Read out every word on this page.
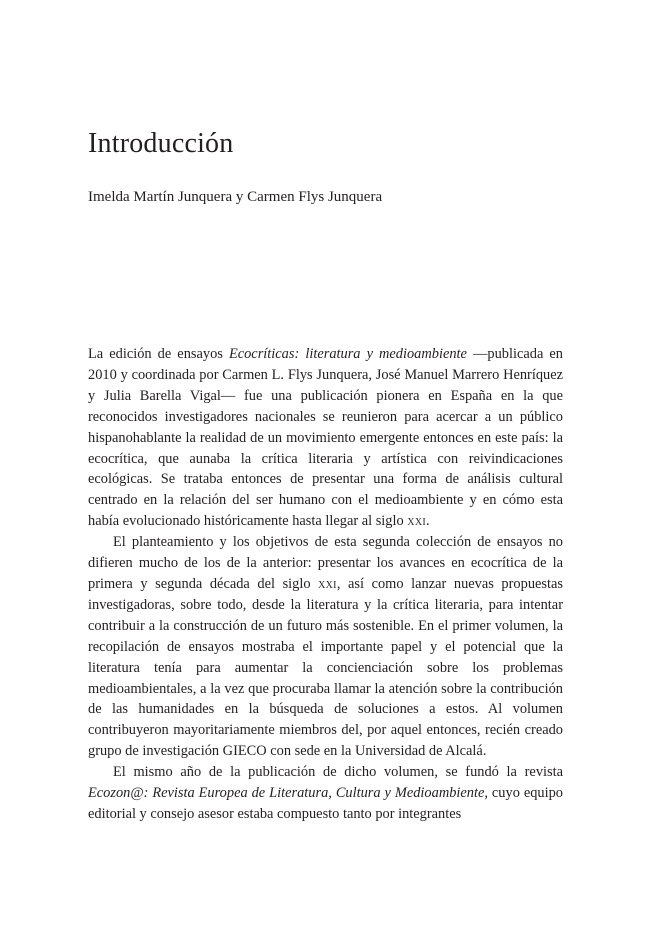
Introducción

Imelda Martín Junquera y Carmen Flys Junquera

La edición de ensayos Ecocríticas: literatura y medioambiente —publicada en 2010 y coordinada por Carmen L. Flys Junquera, José Manuel Marrero Henríquez y Julia Barella Vigal— fue una publicación pionera en España en la que reconocidos investigadores nacionales se reunieron para acercar a un público hispanohablante la realidad de un movimiento emergente entonces en este país: la ecocrítica, que aunaba la crítica literaria y artística con reivindicaciones ecológicas. Se trataba entonces de presentar una forma de análisis cultural centrado en la relación del ser humano con el medioambiente y en cómo esta había evolucionado históricamente hasta llegar al siglo xxi.

El planteamiento y los objetivos de esta segunda colección de ensayos no difieren mucho de los de la anterior: presentar los avances en ecocrítica de la primera y segunda década del siglo xxi, así como lanzar nuevas propuestas investigadoras, sobre todo, desde la literatura y la crítica literaria, para intentar contribuir a la construcción de un futuro más sostenible. En el primer volumen, la recopilación de ensayos mostraba el importante papel y el potencial que la literatura tenía para aumentar la concienciación sobre los problemas medioambientales, a la vez que procuraba llamar la atención sobre la contribución de las humanidades en la búsqueda de soluciones a estos. Al volumen contribuyeron mayoritariamente miembros del, por aquel entonces, recién creado grupo de investigación GIECO con sede en la Universidad de Alcalá.

El mismo año de la publicación de dicho volumen, se fundó la revista Ecozon@: Revista Europea de Literatura, Cultura y Medioambiente, cuyo equipo editorial y consejo asesor estaba compuesto tanto por integrantes
